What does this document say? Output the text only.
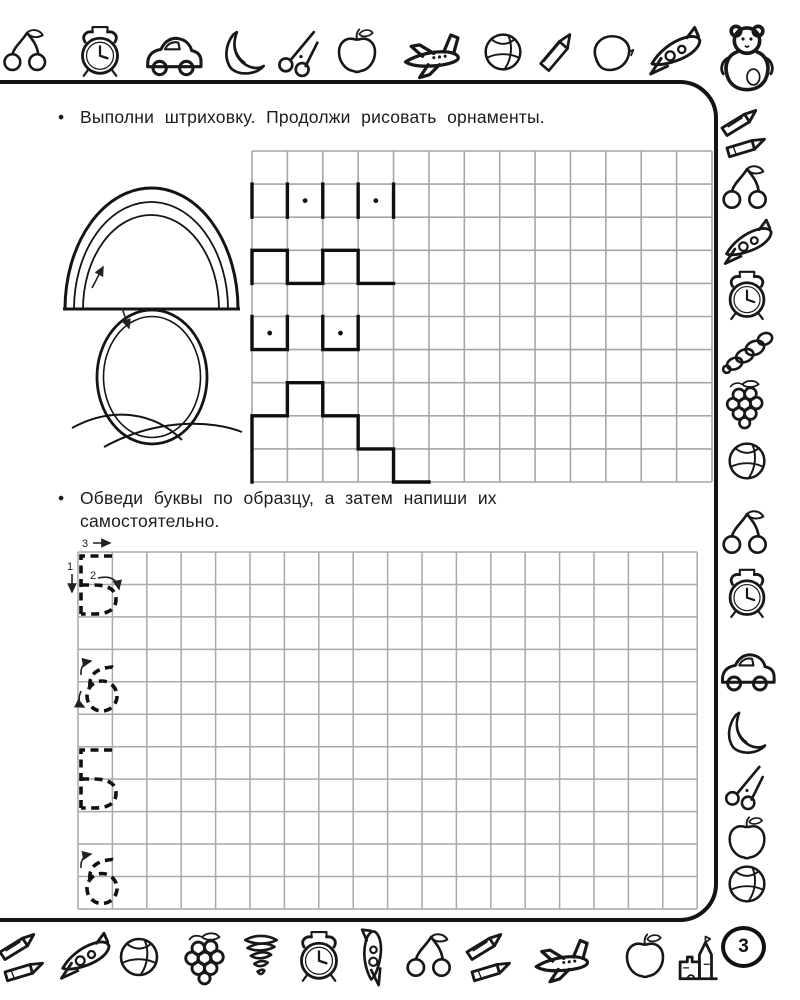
• Выполни штриховку. Продолжи рисовать орнаменты.
• Обведи буквы по образцу, а затем напиши их
самостоятельно.
3
1
2
3
